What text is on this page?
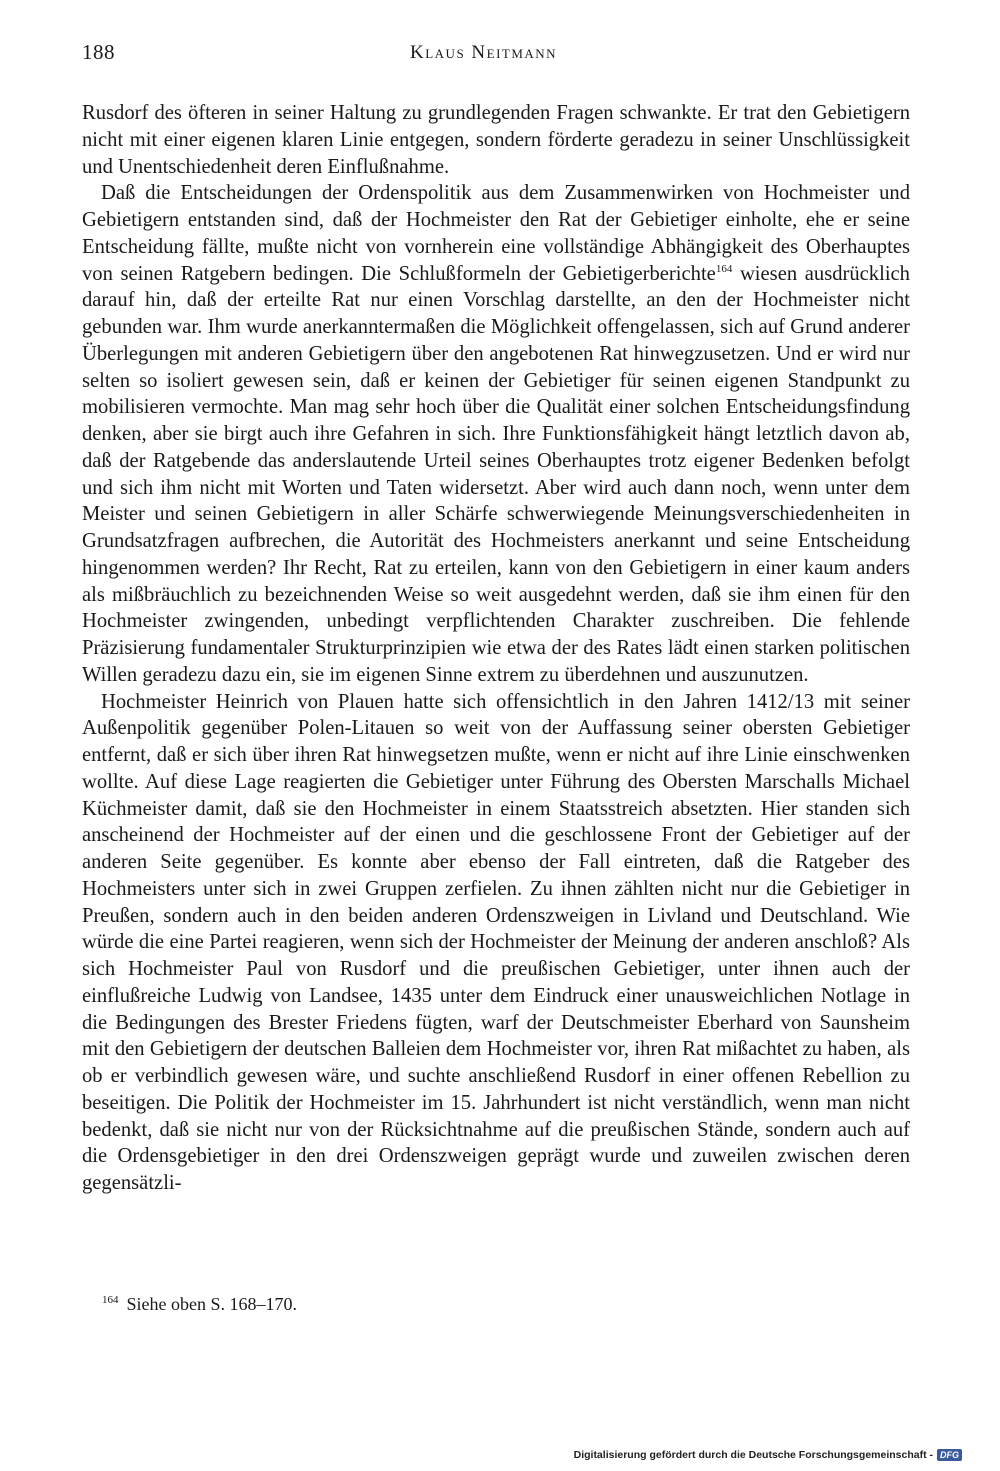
188	Klaus Neitmann

Rusdorf des öfteren in seiner Haltung zu grundlegenden Fragen schwankte. Er trat den Gebietigern nicht mit einer eigenen klaren Linie entgegen, sondern förderte geradezu in seiner Unschlüssigkeit und Unentschiedenheit deren Einflußnahme.

Daß die Entscheidungen der Ordenspolitik aus dem Zusammenwirken von Hochmeister und Gebietigern entstanden sind, daß der Hochmeister den Rat der Gebietiger einholte, ehe er seine Entscheidung fällte, mußte nicht von vornherein eine vollständige Abhängigkeit des Oberhauptes von seinen Ratgebern bedingen. Die Schlußformeln der Gebietigerberichte$^{164}$ wiesen ausdrücklich darauf hin, daß der erteilte Rat nur einen Vorschlag darstellte, an den der Hochmeister nicht gebunden war. Ihm wurde anerkanntermaßen die Möglichkeit offengelassen, sich auf Grund anderer Überlegungen mit anderen Gebietigern über den angebotenen Rat hinwegzusetzen. Und er wird nur selten so isoliert gewesen sein, daß er keinen der Gebietiger für seinen eigenen Standpunkt zu mobilisieren vermochte. Man mag sehr hoch über die Qualität einer solchen Entscheidungsfindung denken, aber sie birgt auch ihre Gefahren in sich. Ihre Funktionsfähigkeit hängt letztlich davon ab, daß der Ratgebende das anderslautende Urteil seines Oberhauptes trotz eigener Bedenken befolgt und sich ihm nicht mit Worten und Taten widersetzt. Aber wird auch dann noch, wenn unter dem Meister und seinen Gebietigern in aller Schärfe schwerwiegende Meinungsverschiedenheiten in Grundsatzfragen aufbrechen, die Autorität des Hochmeisters anerkannt und seine Entscheidung hingenommen werden? Ihr Recht, Rat zu erteilen, kann von den Gebietigern in einer kaum anders als mißbräuchlich zu bezeichnenden Weise so weit ausgedehnt werden, daß sie ihm einen für den Hochmeister zwingenden, unbedingt verpflichtenden Charakter zuschreiben. Die fehlende Präzisierung fundamentaler Strukturprinzipien wie etwa der des Rates lädt einen starken politischen Willen geradezu dazu ein, sie im eigenen Sinne extrem zu überdehnen und auszunutzen.

Hochmeister Heinrich von Plauen hatte sich offensichtlich in den Jahren 1412/13 mit seiner Außenpolitik gegenüber Polen-Litauen so weit von der Auffassung seiner obersten Gebietiger entfernt, daß er sich über ihren Rat hinwegsetzen mußte, wenn er nicht auf ihre Linie einschwenken wollte. Auf diese Lage reagierten die Gebietiger unter Führung des Obersten Marschalls Michael Küchmeister damit, daß sie den Hochmeister in einem Staatsstreich absetzten. Hier standen sich anscheinend der Hochmeister auf der einen und die geschlossene Front der Gebietiger auf der anderen Seite gegenüber. Es konnte aber ebenso der Fall eintreten, daß die Ratgeber des Hochmeisters unter sich in zwei Gruppen zerfielen. Zu ihnen zählten nicht nur die Gebietiger in Preußen, sondern auch in den beiden anderen Ordenszweigen in Livland und Deutschland. Wie würde die eine Partei reagieren, wenn sich der Hochmeister der Meinung der anderen anschloß? Als sich Hochmeister Paul von Rusdorf und die preußischen Gebietiger, unter ihnen auch der einflußreiche Ludwig von Landsee, 1435 unter dem Eindruck einer unausweichlichen Notlage in die Bedingungen des Brester Friedens fügten, warf der Deutschmeister Eberhard von Saunsheim mit den Gebietigern der deutschen Balleien dem Hochmeister vor, ihren Rat mißachtet zu haben, als ob er verbindlich gewesen wäre, und suchte anschließend Rusdorf in einer offenen Rebellion zu beseitigen. Die Politik der Hochmeister im 15. Jahrhundert ist nicht verständlich, wenn man nicht bedenkt, daß sie nicht nur von der Rücksichtnahme auf die preußischen Stände, sondern auch auf die Ordensgebietiger in den drei Ordenszweigen geprägt wurde und zuweilen zwischen deren gegensätzli-

$^{164}$ Siehe oben S. 168–170.
Digitalisierung gefördert durch die Deutsche Forschungsgemeinschaft - DFG
